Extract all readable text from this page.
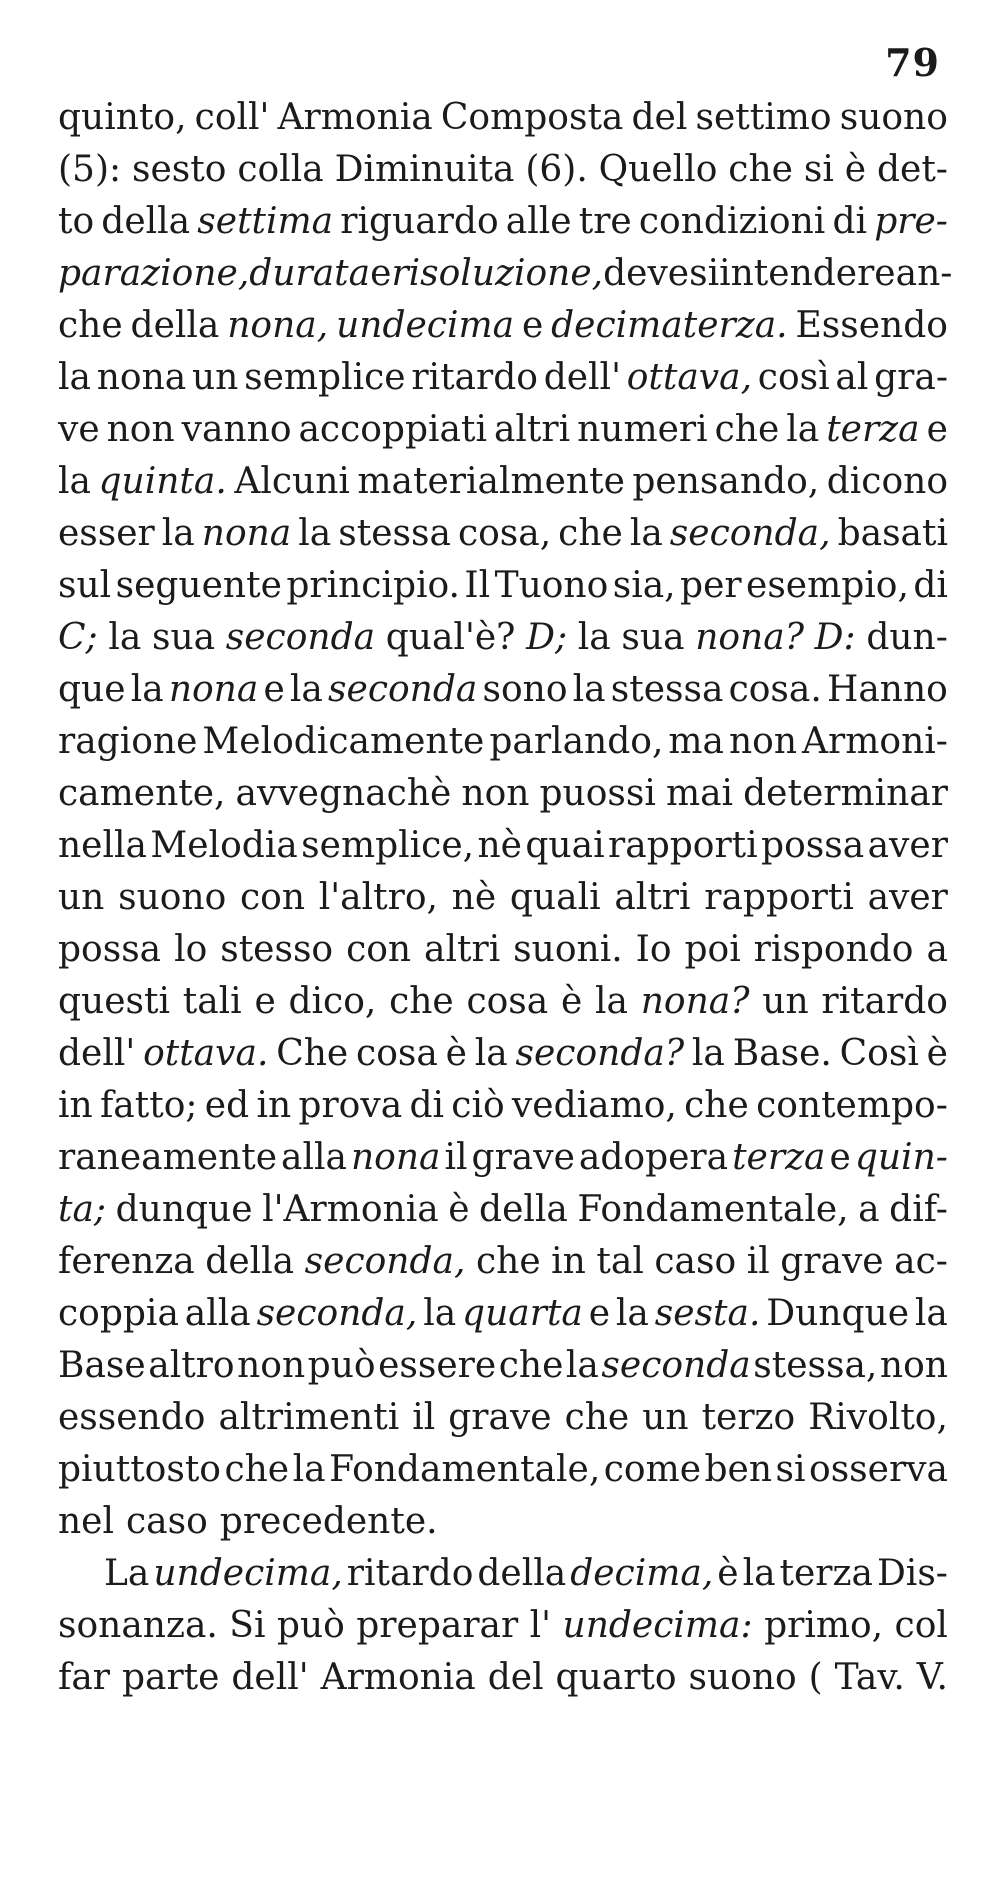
79
quinto, coll' Armonia Composta del settimo suono
(5): sesto colla Diminuita (6). Quello che si è det-
to della settima riguardo alle tre condizioni di pre-
parazione, durata e risoluzione, devesi intendere an-
che della nona, undecima e decimaterza. Essendo
la nona un semplice ritardo dell' ottava, così al gra-
ve non vanno accoppiati altri numeri che la terza e
la quinta. Alcuni materialmente pensando, dicono
esser la nona la stessa cosa, che la seconda, basati
sul seguente principio. Il Tuono sia, per esempio, di
C; la sua seconda qual'è? D; la sua nona? D: dun-
que la nona e la seconda sono la stessa cosa. Hanno
ragione Melodicamente parlando, ma non Armoni-
camente, avvegnachè non puossi mai determinar
nella Melodia semplice, nè quai rapporti possa aver
un suono con l'altro, nè quali altri rapporti aver
possa lo stesso con altri suoni. Io poi rispondo a
questi tali e dico, che cosa è la nona? un ritardo
dell' ottava. Che cosa è la seconda? la Base. Così è
in fatto; ed in prova di ciò vediamo, che contempo-
raneamente alla nona il grave adopera terza e quin-
ta; dunque l'Armonia è della Fondamentale, a dif-
ferenza della seconda, che in tal caso il grave ac-
coppia alla seconda, la quarta e la sesta. Dunque la
Base altro non può essere che la seconda stessa, non
essendo altrimenti il grave che un terzo Rivolto,
piuttosto che la Fondamentale, come ben si osserva
nel caso precedente.
La undecima, ritardo della decima, è la terza Dis-
sonanza. Si può preparar l' undecima: primo, col
far parte dell' Armonia del quarto suono ( Tav. V.
